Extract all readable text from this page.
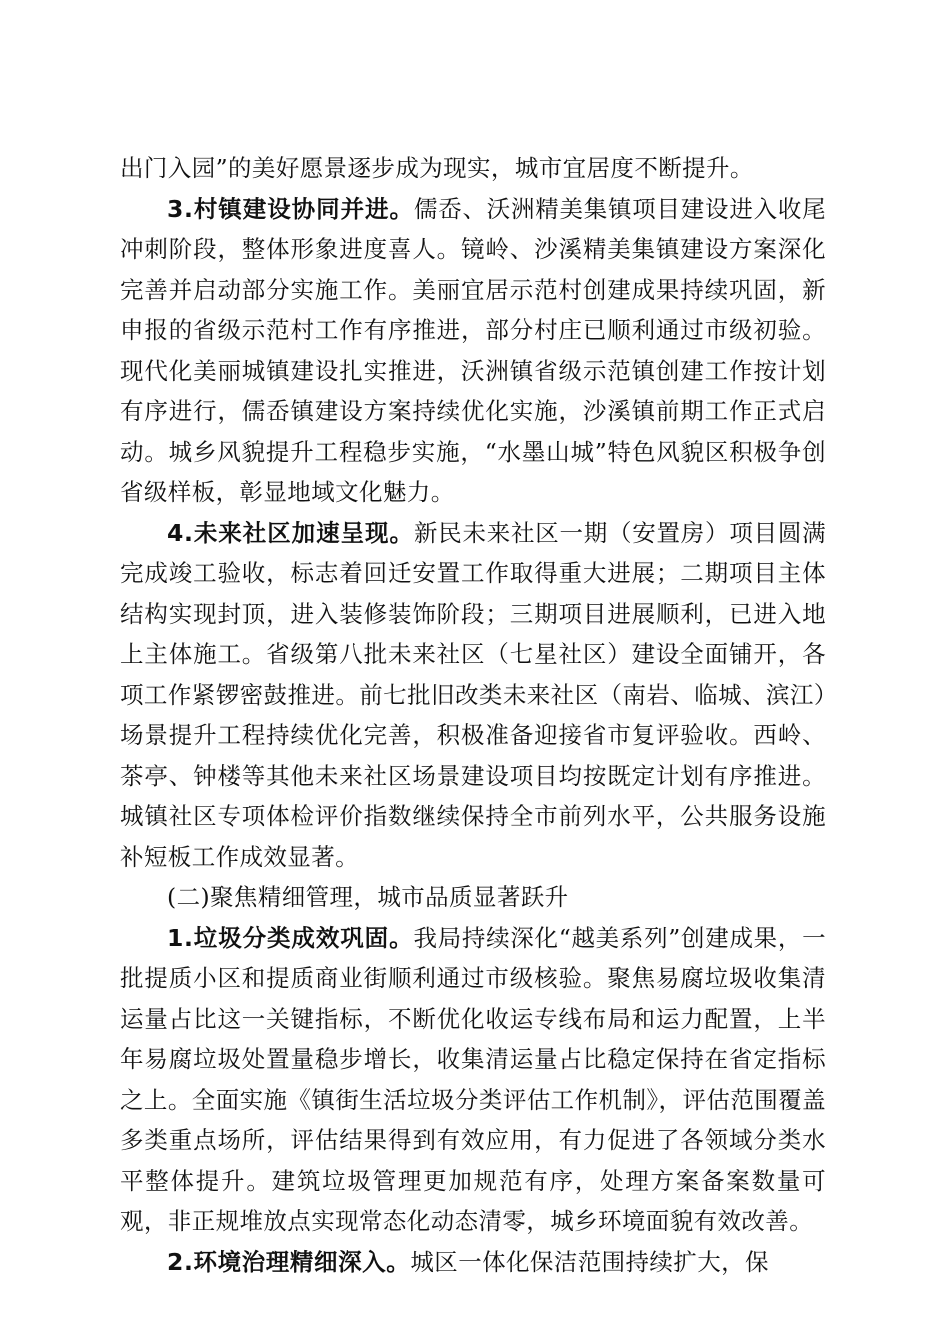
出门入园”的美好愿景逐步成为现实，城市宜居度不断提升。

3.村镇建设协同并进。儒岙、沃洲精美集镇项目建设进入收尾冲刺阶段，整体形象进度喜人。镜岭、沙溪精美集镇建设方案深化完善并启动部分实施工作。美丽宜居示范村创建成果持续巩固，新申报的省级示范村工作有序推进，部分村庄已顺利通过市级初验。现代化美丽城镇建设扎实推进，沃洲镇省级示范镇创建工作按计划有序进行，儒岙镇建设方案持续优化实施，沙溪镇前期工作正式启动。城乡风貌提升工程稳步实施，“水墨山城”特色风貌区积极争创省级样板，彰显地域文化魅力。

4.未来社区加速呈现。新民未来社区一期（安置房）项目圆满完成竣工验收，标志着回迁安置工作取得重大进展；二期项目主体结构实现封顶，进入装修装饰阶段；三期项目进展顺利，已进入地上主体施工。省级第八批未来社区（七星社区）建设全面铺开，各项工作紧锣密鼓推进。前七批旧改类未来社区（南岩、临城、滨江）场景提升工程持续优化完善，积极准备迎接省市复评验收。西岭、茶亭、钟楼等其他未来社区场景建设项目均按既定计划有序推进。城镇社区专项体检评价指数继续保持全市前列水平，公共服务设施补短板工作成效显著。

(二)聚焦精细管理，城市品质显著跃升

1.垃圾分类成效巩固。我局持续深化“越美系列”创建成果，一批提质小区和提质商业街顺利通过市级核验。聚焦易腐垃圾收集清运量占比这一关键指标，不断优化收运专线布局和运力配置，上半年易腐垃圾处置量稳步增长，收集清运量占比稳定保持在省定指标之上。全面实施《镇街生活垃圾分类评估工作机制》，评估范围覆盖多类重点场所，评估结果得到有效应用，有力促进了各领域分类水平整体提升。建筑垃圾管理更加规范有序，处理方案备案数量可观，非正规堆放点实现常态化动态清零，城乡环境面貌有效改善。

2.环境治理精细深入。城区一体化保洁范围持续扩大，保
